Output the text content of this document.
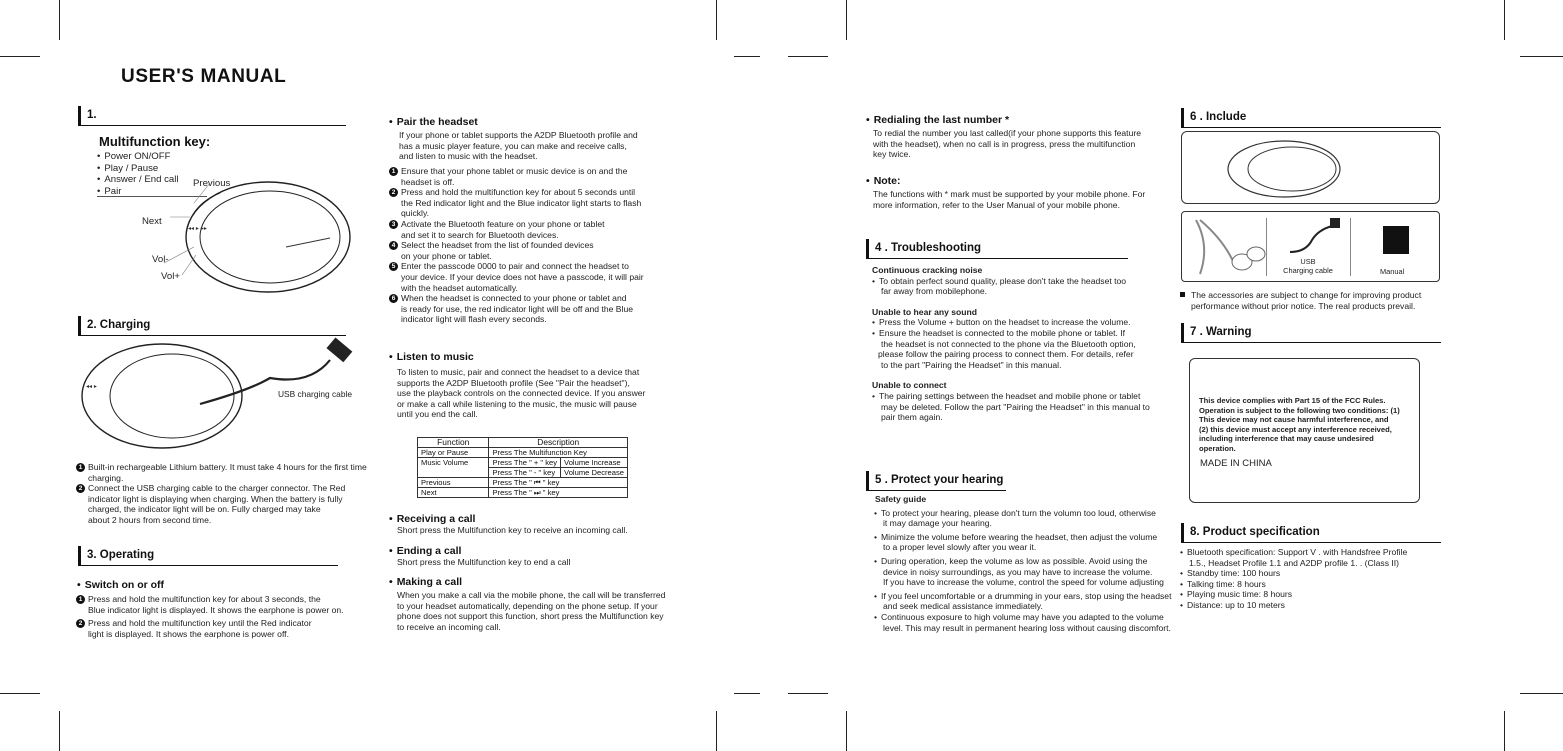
USER'S MANUAL
1.
Multifunction key:
• Power ON/OFF
• Play / Pause
• Answer / End call
• Pair
Previous
Next
Vol-
Vol+
◂◂ ▸ ▸▸
2. Charging
◂◂ ▸
USB charging cable
1 Built-in rechargeable Lithium battery. It must take 4 hours for the first time
charging.
2 Connect the USB charging cable to the charger connector. The Red
indicator light is displaying when charging. When the battery is fully
charged, the indicator light will be on. Fully charged may take
about 2 hours from second time.
3. Operating
• Switch on or off
1 Press and hold the multifunction key for about 3 seconds, the
Blue indicator light is displayed. It shows the earphone is power on.
2 Press and hold the multifunction key until the Red indicator
light is displayed. It shows the earphone is power off.
• Pair the headset
If your phone or tablet supports the A2DP Bluetooth profile and
has a music player feature, you can make and receive calls,
and listen to music with the headset.
1 Ensure that your phone tablet or music device is on and the
headset is off.
2 Press and hold the multifunction key for about 5 seconds until
the Red indicator light and the Blue indicator light starts to flash
quickly.
3 Activate the Bluetooth feature on your phone or tablet
and set it to search for Bluetooth devices.
4 Select the headset from the list of founded devices
on your phone or tablet.
5 Enter the passcode 0000 to pair and connect the headset to
your device. If your device does not have a passcode, it will pair
with the headset automatically.
6 When the headset is connected to your phone or tablet and
is ready for use, the red indicator light will be off and the Blue
indicator light will flash every seconds.
• Listen to music
To listen to music, pair and connect the headset to a device that
supports the A2DP Bluetooth profile (See "Pair the headset"),
use the playback controls on the connected device. If you answer
or make a call while listening to the music, the music will pause
until you end the call.
Function	Description	
Play or Pause	Press The Multifunction Key	
Music Volume	Press The " + " key	Volume Increase
	Press The " - " key	Volume Decrease
Previous	Press The " ⏮ " key	
Next	Press The " ⏭ " key	
• Receiving a call
Short press the Multifunction key to receive an incoming call.
• Ending a call
Short press the Multifunction key to end a call
• Making a call
When you make a call via the mobile phone, the call will be transferred
to your headset automatically, depending on the phone setup. If your
phone does not support this function, short press the Multifunction key
to receive an incoming call.
• Redialing the last number *
To redial the number you last called(if your phone supports this feature
with the headset), when no call is in progress, press the multifunction
key twice.
• Note:
The functions with * mark must be supported by your mobile phone. For
more information, refer to the User Manual of your mobile phone.
4 . Troubleshooting
Continuous cracking noise
• To obtain perfect sound quality, please don't take the headset too
far away from mobilephone.
Unable to hear any sound
• Press the Volume + button on the headset to increase the volume.
• Ensure the headset is connected to the mobile phone or tablet. If
the headset is not connected to the phone via the Bluetooth option,
please follow the pairing process to connect them. For details, refer
to the part "Pairing the Headset" in this manual.
Unable to connect
• The pairing settings between the headset and mobile phone or tablet
may be deleted. Follow the part "Pairing the Headset" in this manual to
pair them again.
5 . Protect your hearing
Safety guide
• To protect your hearing, please don't turn the volumn too loud, otherwise
it may damage your hearing.
• Minimize the volume before wearing the headset, then adjust the volume
to a proper level slowly after you wear it.
• During operation, keep the volume as low as possible. Avoid using the
device in noisy surroundings, as you may have to increase the volume.
If you have to increase the volume, control the speed for volume adjusting
• If you feel uncomfortable or a drumming in your ears, stop using the headset
and seek medical assistance immediately.
• Continuous exposure to high volume may have you adapted to the volume
level. This may result in permanent hearing loss without causing discomfort.
6 . Include
USB
Charging cable	Manual
The accessories are subject to change for improving product
performance without prior notice. The real products prevail.
7 . Warning
This device complies with Part 15 of the FCC Rules.
Operation is subject to the following two conditions: (1)
This device may not cause harmful interference, and
(2) this device must accept any interference received,
including interference that may cause undesired
operation.
MADE IN CHINA
8. Product specification
• Bluetooth specification: Support V . with Handsfree Profile
1.5., Headset Profile 1.1 and A2DP profile 1. . (Class II)
• Standby time: 100 hours
• Talking time: 8 hours
• Playing music time: 8 hours
• Distance: up to 10 meters
